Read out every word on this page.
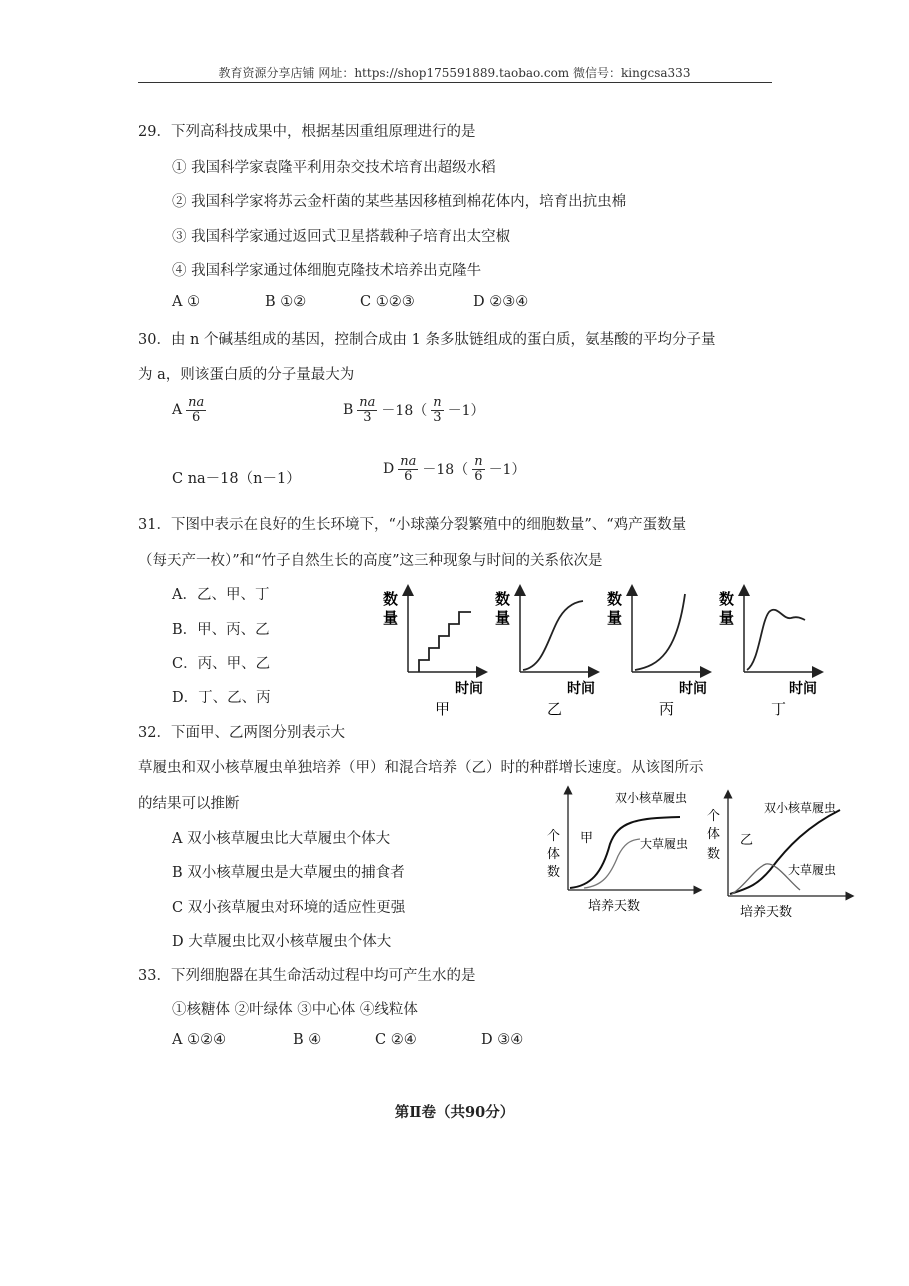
教育资源分享店铺 网址：https://shop175591889.taobao.com 微信号：kingcsa333
29．下列高科技成果中，根据基因重组原理进行的是
① 我国科学家袁隆平利用杂交技术培育出超级水稻
② 我国科学家将苏云金杆菌的某些基因移植到棉花体内，培育出抗虫棉
③ 我国科学家通过返回式卫星搭载种子培育出太空椒
④ 我国科学家通过体细胞克隆技术培养出克隆牛
A ①	B ①②	C ①②③	D ②③④
30．由 n 个碱基组成的基因，控制合成由 1 条多肽链组成的蛋白质，氨基酸的平均分子量
为 a，则该蛋白质的分子量最大为
A $\frac{na}{6}$	B $\frac{na}{3} -18( \frac{n}{3} -1)$
C na－18（n－1）
D $\frac{na}{6} -18( \frac{n}{6} -1)$
31．下图中表示在良好的生长环境下，“小球藻分裂繁殖中的细胞数量”、“鸡产蛋数量
（每天产一枚）”和“竹子自然生长的高度”这三种现象与时间的关系依次是
A．乙、甲、丁
B．甲、丙、乙
C．丙、甲、乙
D．丁、乙、丙
数
量
时间
甲
数
量
时间
乙
数
量
时间
丙
数
量
时间
丁
32．下面甲、乙两图分别表示大
草履虫和双小核草履虫单独培养（甲）和混合培养（乙）时的种群增长速度。从该图所示
的结果可以推断
A 双小核草履虫比大草履虫个体大
B 双小核草履虫是大草履虫的捕食者
C 双小孩草履虫对环境的适应性更强
D 大草履虫比双小核草履虫个体大
个
体
数
甲
双小核草履虫
大草履虫
培养天数
个
体
数
乙
双小核草履虫
大草履虫
培养天数
33．下列细胞器在其生命活动过程中均可产生水的是
①核糖体 ②叶绿体 ③中心体 ④线粒体
A ①②④	B ④	C ②④	D ③④
第Ⅱ卷（共90分）
